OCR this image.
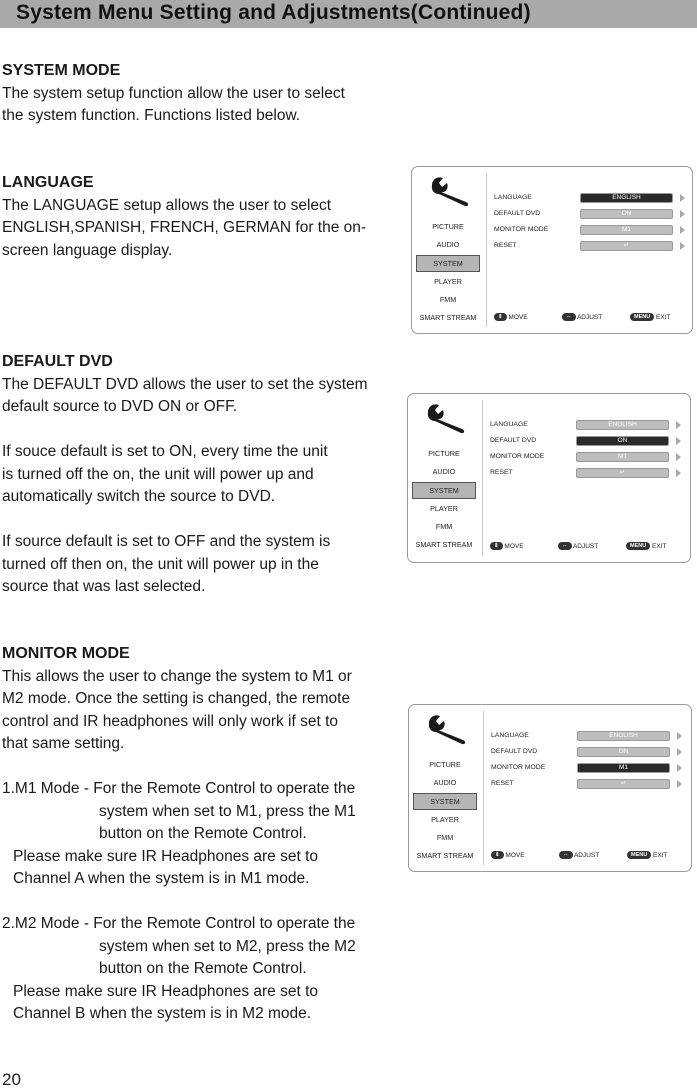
System Menu Setting and Adjustments(Continued)
SYSTEM MODE

The system setup function allow the user to select

the system function. Functions listed below.

LANGUAGE

The LANGUAGE setup allows the user to select

ENGLISH,SPANISH, FRENCH, GERMAN for the on-

screen language display.

DEFAULT DVD

The DEFAULT DVD allows the user to set the system

default source to DVD ON or OFF.

If souce default is set to ON, every time the unit

is turned off the on, the unit will power up and

automatically switch the source to DVD.

If source default is set to OFF and the system is

turned off then on, the unit will power up in the

source that was last selected.

MONITOR MODE

This allows the user to change the system to M1 or

M2 mode. Once the setting is changed, the remote

control and IR headphones will only work if set to

that same setting.

1.M1 Mode - For the Remote Control to operate the

system when set to M1, press the M1

button on the Remote Control.

Please make sure IR Headphones are set to

Channel A when the system is in M1 mode.

2.M2 Mode - For the Remote Control to operate the

system when set to M2, press the M2

button on the Remote Control.

Please make sure IR Headphones are set to

Channel B when the system is in M2 mode.

PICTURE
AUDIO
SYSTEM
PLAYER
FMM
SMART STREAM
LANGUAGE	ENGLISH
DEFAULT DVD	ON
MONITOR MODE	M1
RESET	↵
⇕ MOVE	⇔ ADJUST	MENU EXIT
PICTURE
AUDIO
SYSTEM
PLAYER
FMM
SMART STREAM
LANGUAGE	ENGLISH
DEFAULT DVD	ON
MONITOR MODE	M1
RESET	↵
⇕ MOVE	⇔ ADJUST	MENU EXIT
PICTURE
AUDIO
SYSTEM
PLAYER
FMM
SMART STREAM
LANGUAGE	ENGLISH
DEFAULT DVD	ON
MONITOR MODE	M1
RESET	↵
⇕ MOVE	⇔ ADJUST	MENU EXIT
20
